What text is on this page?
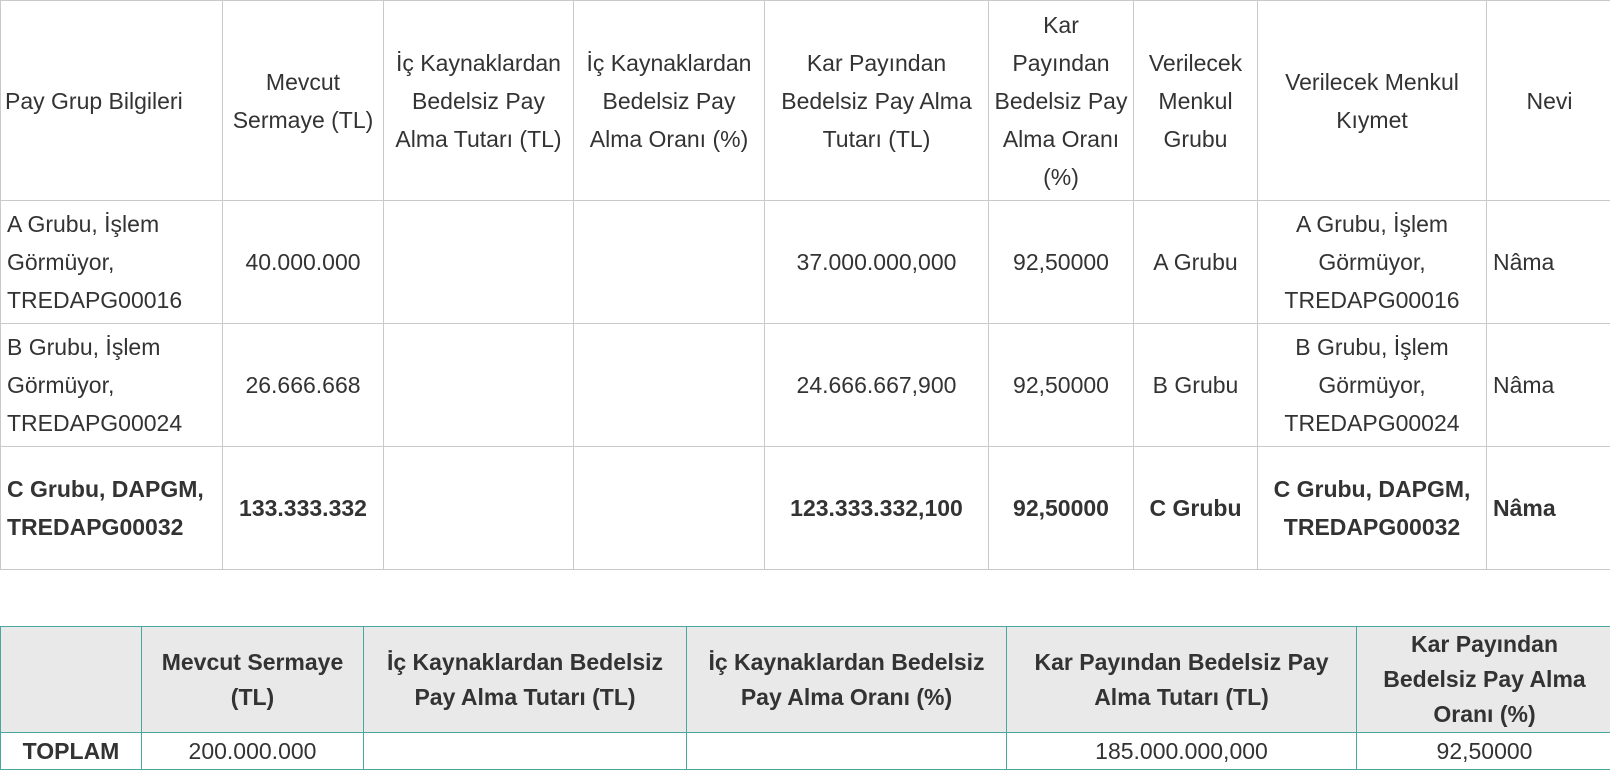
Pay Grup Bilgileri	Mevcut Sermaye (TL)	İç Kaynaklardan Bedelsiz Pay Alma Tutarı (TL)	İç Kaynaklardan Bedelsiz Pay Alma Oranı (%)	Kar Payından Bedelsiz Pay Alma Tutarı (TL)	Kar Payından Bedelsiz Pay Alma Oranı (%)	Verilecek Menkul Grubu	Verilecek Menkul Kıymet	Nevi
A Grubu, İşlem Görmüyor, TREDAPG00016	40.000.000			37.000.000,000	92,50000	A Grubu	A Grubu, İşlem Görmüyor, TREDAPG00016	Nâma
B Grubu, İşlem Görmüyor, TREDAPG00024	26.666.668			24.666.667,900	92,50000	B Grubu	B Grubu, İşlem Görmüyor, TREDAPG00024	Nâma
C Grubu, DAPGM, TREDAPG00032	133.333.332			123.333.332,100	92,50000	C Grubu	C Grubu, DAPGM, TREDAPG00032	Nâma
	Mevcut Sermaye (TL)	İç Kaynaklardan Bedelsiz Pay Alma Tutarı (TL)	İç Kaynaklardan Bedelsiz Pay Alma Oranı (%)	Kar Payından Bedelsiz Pay Alma Tutarı (TL)	Kar Payından Bedelsiz Pay Alma Oranı (%)
TOPLAM	200.000.000			185.000.000,000	92,50000
